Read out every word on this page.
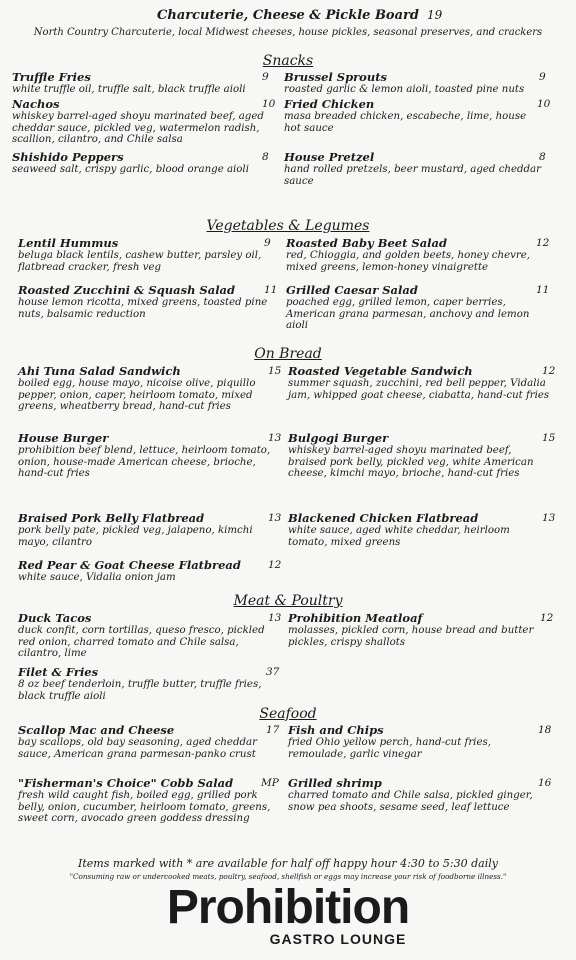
Charcuterie, Cheese & Pickle Board 19
North Country Charcuterie, local Midwest cheeses, house pickles, seasonal preserves, and crackers
Snacks
Vegetables & Legumes
On Bread
Meat & Poultry
Seafood
Truffle Fries
white truffle oil, truffle salt, black truffle aioli
9 Brussel Sprouts
roasted garlic & lemon aioli, toasted pine nuts
9
Nachos
whiskey barrel-aged shoyu marinated beef, aged cheddar sauce, pickled veg, watermelon radish, scallion, cilantro, and Chile salsa
10 Fried Chicken
masa breaded chicken, escabeche, lime, house hot sauce
10
Shishido Peppers
seaweed salt, crispy garlic, blood orange aioli
8 House Pretzel
hand rolled pretzels, beer mustard, aged cheddar sauce
8
Lentil Hummus
beluga black lentils, cashew butter, parsley oil, flatbread cracker, fresh veg
9 Roasted Baby Beet Salad
red, Chioggia, and golden beets, honey chevre, mixed greens, lemon-honey vinaigrette
12
Roasted Zucchini & Squash Salad
house lemon ricotta, mixed greens, toasted pine nuts, balsamic reduction
11 Grilled Caesar Salad
poached egg, grilled lemon, caper berries, American grana parmesan, anchovy and lemon aioli
11
Ahi Tuna Salad Sandwich
boiled egg, house mayo, nicoise olive, piquillo pepper, onion, caper, heirloom tomato, mixed greens, wheatberry bread, hand-cut fries
15 Roasted Vegetable Sandwich
summer squash, zucchini, red bell pepper, Vidalia jam, whipped goat cheese, ciabatta, hand-cut fries
12
House Burger
prohibition beef blend, lettuce, heirloom tomato, onion, house-made American cheese, brioche, hand-cut fries
13 Bulgogi Burger
whiskey barrel-aged shoyu marinated beef, braised pork belly, pickled veg, white American cheese, kimchi mayo, brioche, hand-cut fries
15
Braised Pork Belly Flatbread
pork belly pate, pickled veg, jalapeno, kimchi mayo, cilantro
13 Blackened Chicken Flatbread
white sauce, aged white cheddar, heirloom tomato, mixed greens
13
Red Pear & Goat Cheese Flatbread
white sauce, Vidalia onion jam
12
Duck Tacos
duck confit, corn tortillas, queso fresco, pickled red onion, charred tomato and Chile salsa, cilantro, lime
13 Prohibition Meatloaf
molasses, pickled corn, house bread and butter pickles, crispy shallots
12
Filet & Fries
8 oz beef tenderloin, truffle butter, truffle fries, black truffle aioli
37
Scallop Mac and Cheese
bay scallops, old bay seasoning, aged cheddar sauce, American grana parmesan-panko crust
17 Fish and Chips
fried Ohio yellow perch, hand-cut fries, remoulade, garlic vinegar
18
"Fisherman's Choice" Cobb Salad
fresh wild caught fish, boiled egg, grilled pork belly, onion, cucumber, heirloom tomato, greens, sweet corn, avocado green goddess dressing
MP Grilled shrimp
charred tomato and Chile salsa, pickled ginger, snow pea shoots, sesame seed, leaf lettuce
16
Items marked with * are available for half off happy hour 4:30 to 5:30 daily
"Consuming raw or undercooked meats, poultry, seafood, shellfish or eggs may increase your risk of foodborne illness."
Prohibition
GASTRO LOUNGE
